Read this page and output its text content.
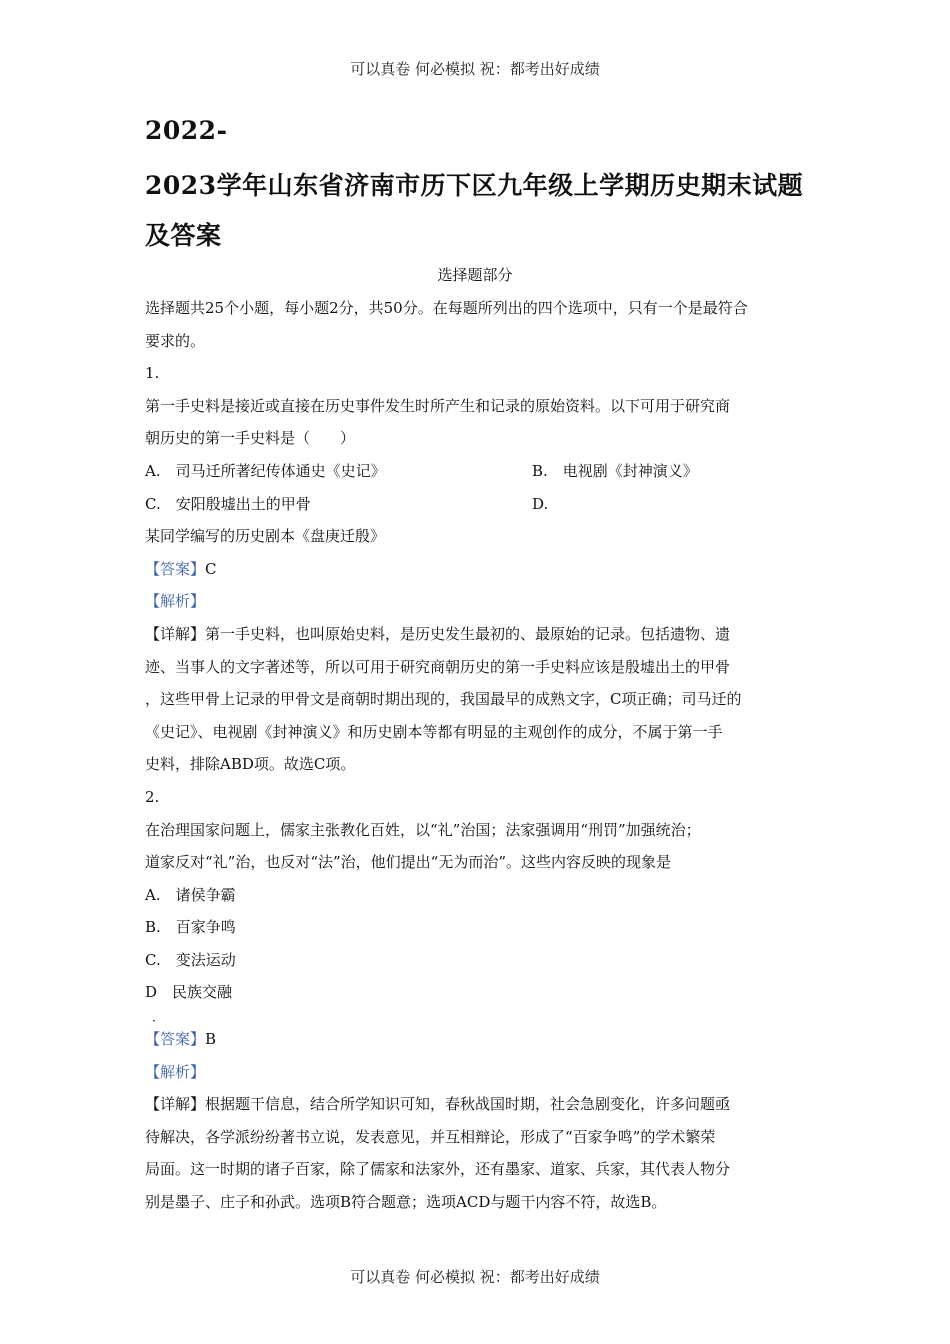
可以真卷 何必模拟 祝：都考出好成绩
2022-
2023学年山东省济南市历下区九年级上学期历史期末试题
及答案
选择题部分
选择题共25个小题，每小题2分，共50分。在每题所列出的四个选项中，只有一个是最符合
要求的。
1.
第一手史料是接近或直接在历史事件发生时所产生和记录的原始资料。以下可用于研究商
朝历史的第一手史料是（　　）
A.　司马迁所著纪传体通史《史记》	B.　电视剧《封神演义》
C.　安阳殷墟出土的甲骨	D.
某同学编写的历史剧本《盘庚迁殷》
【答案】C
【解析】
【详解】第一手史料，也叫原始史料，是历史发生最初的、最原始的记录。包括遗物、遗
迹、当事人的文字著述等，所以可用于研究商朝历史的第一手史料应该是殷墟出土的甲骨
，这些甲骨上记录的甲骨文是商朝时期出现的，我国最早的成熟文字，C项正确；司马迁的
《史记》、电视剧《封神演义》和历史剧本等都有明显的主观创作的成分，不属于第一手
史料，排除ABD项。故选C项。
2.
在治理国家问题上，儒家主张教化百姓，以“礼”治国；法家强调用“刑罚”加强统治；
道家反对“礼”治，也反对“法”治，他们提出“无为而治”。这些内容反映的现象是
A.　诸侯争霸
B.　百家争鸣
C.　变法运动
D　民族交融
．
【答案】B
【解析】
【详解】根据题干信息，结合所学知识可知，春秋战国时期，社会急剧变化，许多问题亟
待解决，各学派纷纷著书立说，发表意见，并互相辩论，形成了“百家争鸣”的学术繁荣
局面。这一时期的诸子百家，除了儒家和法家外，还有墨家、道家、兵家，其代表人物分
别是墨子、庄子和孙武。选项B符合题意；选项ACD与题干内容不符，故选B。
可以真卷 何必模拟 祝：都考出好成绩
